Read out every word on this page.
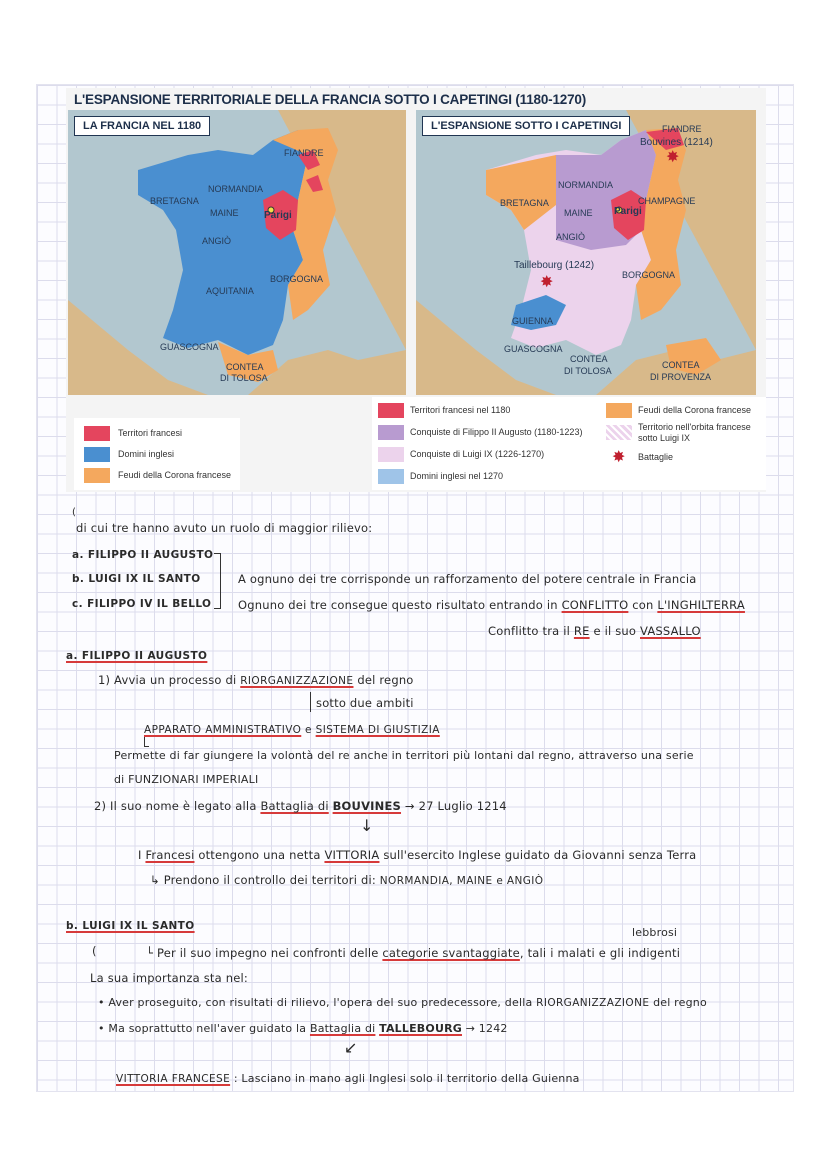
L'ESPANSIONE TERRITORIALE DELLA FRANCIA SOTTO I CAPETINGI (1180-1270)
LA FRANCIA NEL 1180
FIANDRE
NORMANDIA
BRETAGNA
MAINE	Parigi
ANGIÒ
BORGOGNA
AQUITANIA
GUASCOGNA
CONTEA
DI TOLOSA
L'ESPANSIONE SOTTO I CAPETINGI	FIANDRE
Bouvines (1214)
✸
NORMANDIA
BRETAGNA
MAINE Parigi
CHAMPAGNE
ANGIÒ
Taillebourg (1242)
✸	BORGOGNA
GUIENNA
GUASCOGNA
CONTEA
DI TOLOSA
CONTEA
DI PROVENZA
Territori francesi
Domini inglesi
Feudi della Corona francese
Territori francesi nel 1180	Feudi della Corona francese
Conquiste di Filippo II Augusto (1180-1223)	Territorio nell'orbita francese
sotto Luigi IX
Conquiste di Luigi IX (1226-1270)	✸ Battaglie
Domini inglesi nel 1270
(
di cui tre hanno avuto un ruolo di maggior rilievo:
a. FILIPPO II AUGUSTO
b. LUIGI IX IL SANTO
c. FILIPPO IV IL BELLO
A ognuno dei tre corrisponde un rafforzamento del potere centrale in Francia
Ognuno dei tre consegue questo risultato entrando in CONFLITTO con L'INGHILTERRA
Conflitto tra il RE e il suo VASSALLO
a. FILIPPO II AUGUSTO
1) Avvia un processo di RIORGANIZZAZIONE del regno
sotto due ambiti
APPARATO AMMINISTRATIVO e SISTEMA DI GIUSTIZIA
Permette di far giungere la volontà del re anche in territori più lontani dal regno, attraverso una serie
di FUNZIONARI IMPERIALI
2) Il suo nome è legato alla Battaglia di BOUVINES → 27 Luglio 1214
↓
I Francesi ottengono una netta VITTORIA sull'esercito Inglese guidato da Giovanni senza Terra
↳ Prendono il controllo dei territori di: NORMANDIA, MAINE e ANGIÒ
b. LUIGI IX IL SANTO	lebbrosi
(	└ Per il suo impegno nei confronti delle categorie svantaggiate, tali i malati e gli indigenti
La sua importanza sta nel:
• Aver proseguito, con risultati di rilievo, l'opera del suo predecessore, della RIORGANIZZAZIONE del regno
• Ma soprattutto nell'aver guidato la Battaglia di TALLEBOURG → 1242
↙
VITTORIA FRANCESE : Lasciano in mano agli Inglesi solo il territorio della Guienna
